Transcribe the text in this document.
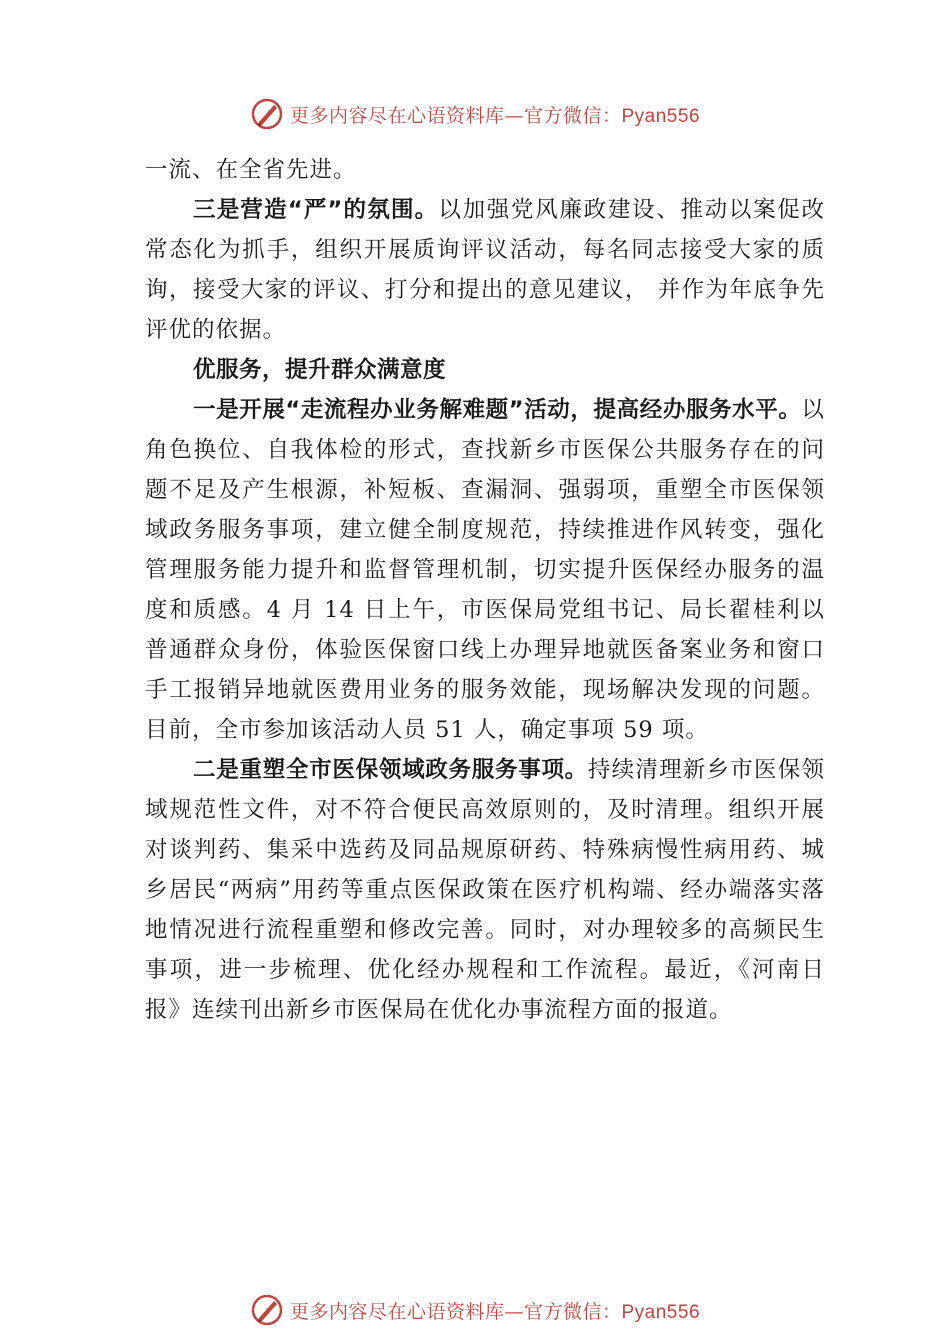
更多内容尽在心语资料库—官方微信：Pyan556

一流、在全省先进。

三是营造“严”的氛围。以加强党风廉政建设、推动以案促改常态化为抓手，组织开展质询评议活动，每名同志接受大家的质询，接受大家的评议、打分和提出的意见建议， 并作为年底争先评优的依据。

优服务，提升群众满意度

一是开展“走流程办业务解难题”活动，提高经办服务水平。以角色换位、自我体检的形式，查找新乡市医保公共服务存在的问题不足及产生根源，补短板、查漏洞、强弱项，重塑全市医保领域政务服务事项，建立健全制度规范，持续推进作风转变，强化管理服务能力提升和监督管理机制，切实提升医保经办服务的温度和质感。4 月 14 日上午，市医保局党组书记、局长翟桂利以普通群众身份，体验医保窗口线上办理异地就医备案业务和窗口手工报销异地就医费用业务的服务效能，现场解决发现的问题。目前，全市参加该活动人员 51 人，确定事项 59 项。

二是重塑全市医保领域政务服务事项。持续清理新乡市医保领域规范性文件，对不符合便民高效原则的，及时清理。组织开展对谈判药、集采中选药及同品规原研药、特殊病慢性病用药、城乡居民“两病”用药等重点医保政策在医疗机构端、经办端落实落地情况进行流程重塑和修改完善。同时，对办理较多的高频民生事项，进一步梳理、优化经办规程和工作流程。最近，《河南日报》连续刊出新乡市医保局在优化办事流程方面的报道。

更多内容尽在心语资料库—官方微信：Pyan556
